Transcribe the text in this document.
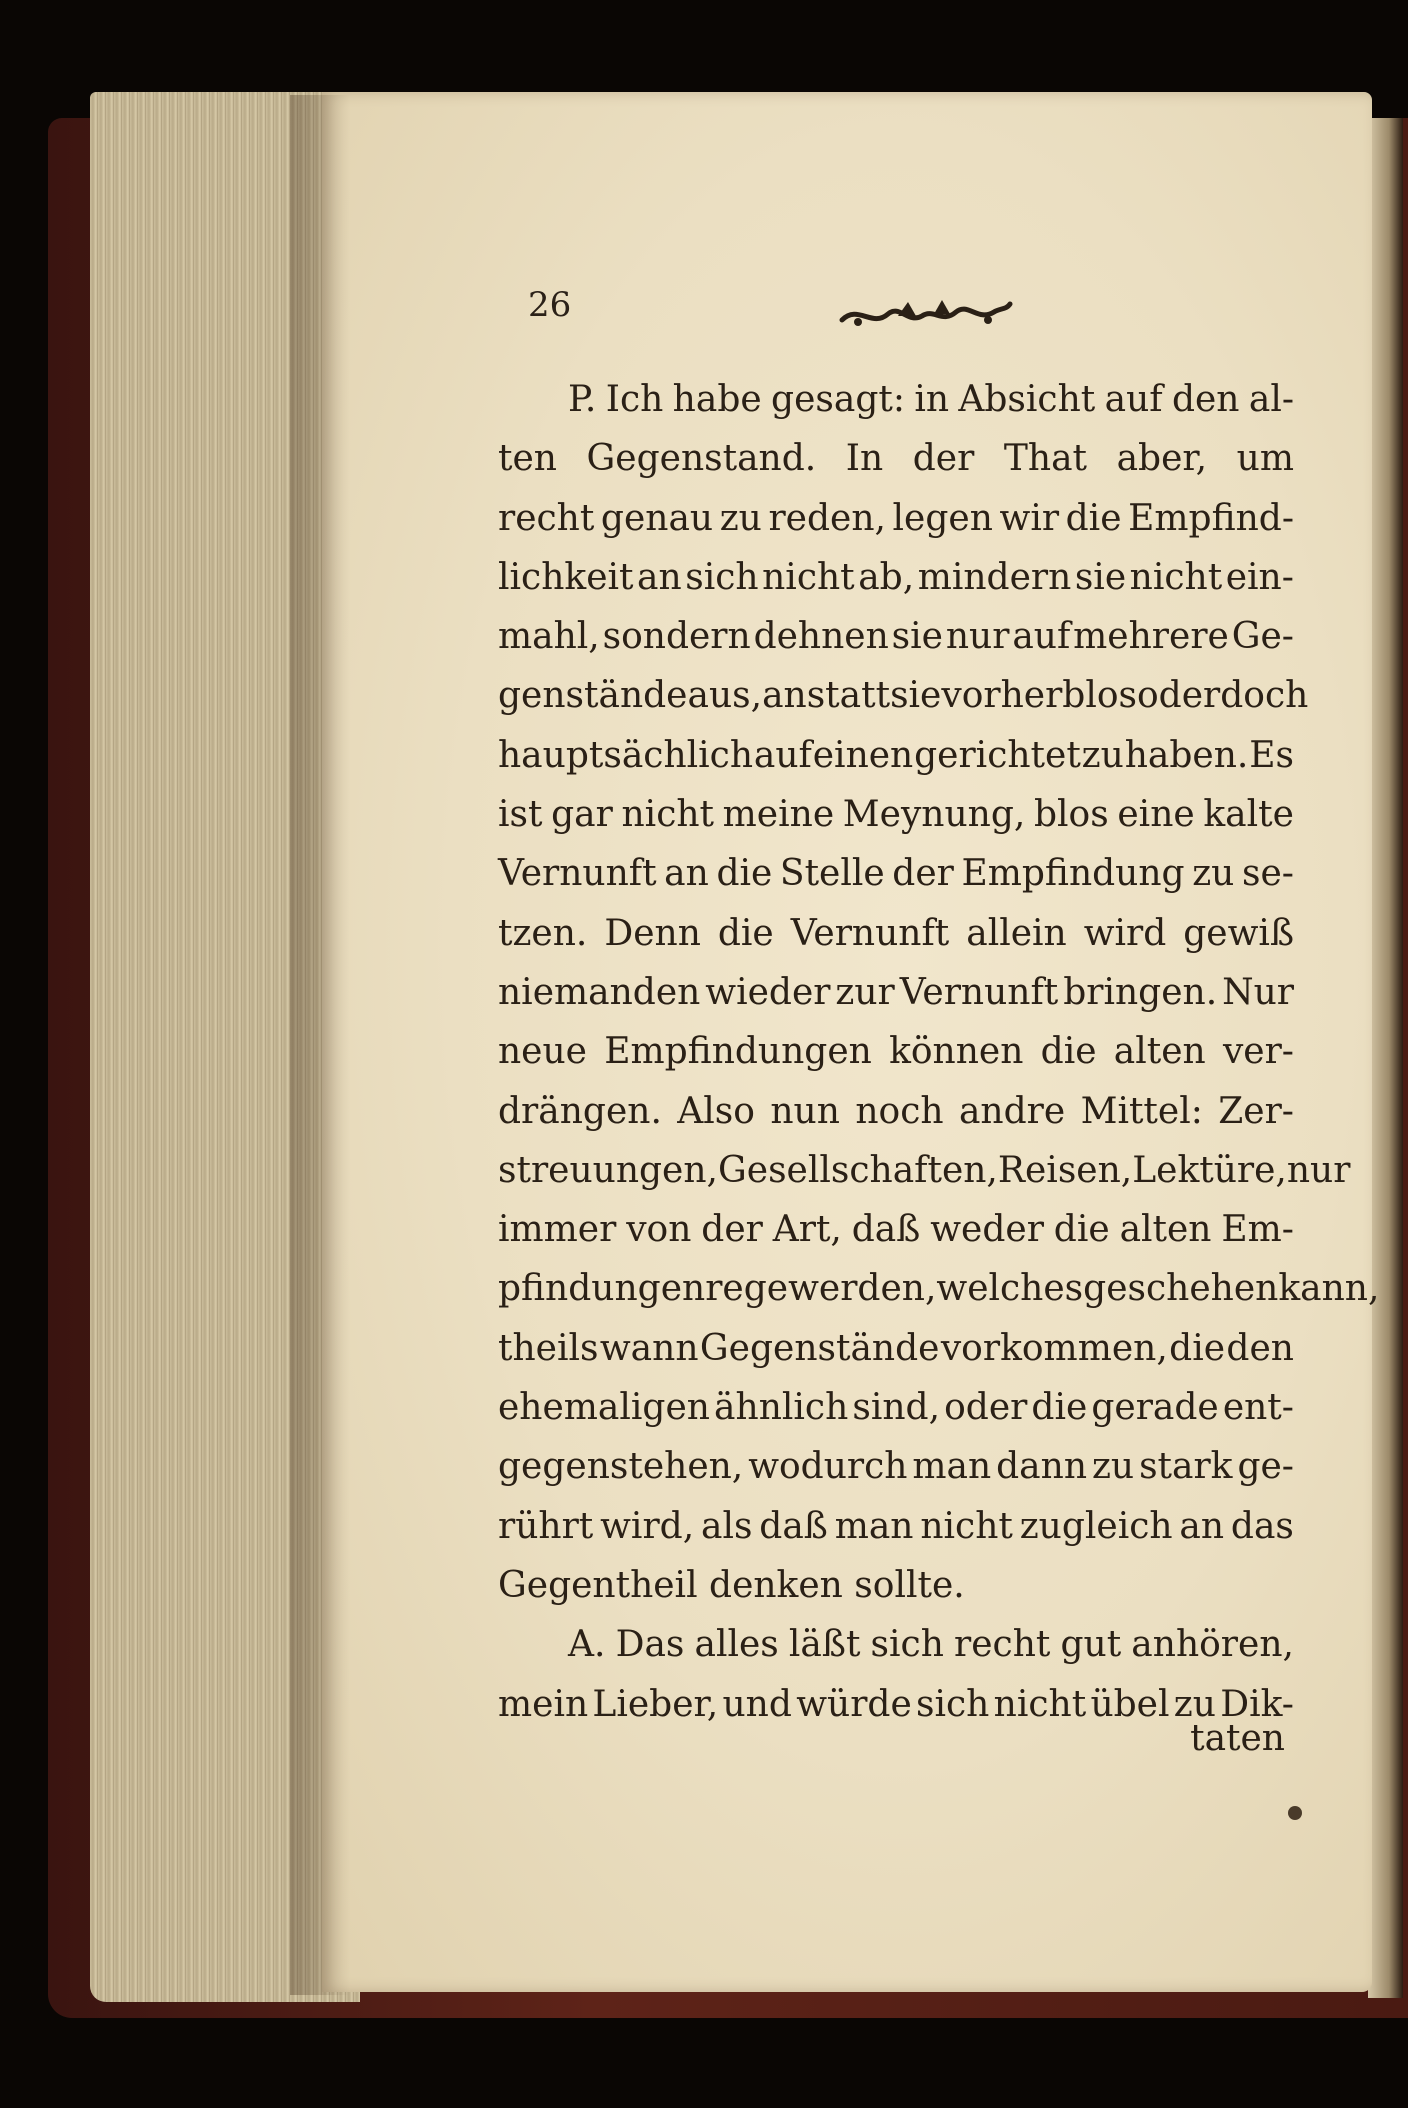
26
P. Ich habe gesagt: in Absicht auf den al-
ten Gegenstand. In der That aber, um
recht genau zu reden, legen wir die Empfind-
lichkeit an sich nicht ab, mindern sie nicht ein-
mahl, sondern dehnen sie nur auf mehrere Ge-
genstände aus, anstatt sie vorher blos oder doch
hauptsächlich auf einen gerichtet zu haben. Es
ist gar nicht meine Meynung, blos eine kalte
Vernunft an die Stelle der Empfindung zu se-
tzen. Denn die Vernunft allein wird gewiß
niemanden wieder zur Vernunft bringen. Nur
neue Empfindungen können die alten ver-
drängen. Also nun noch andre Mittel: Zer-
streuungen, Gesellschaften, Reisen, Lektüre, nur
immer von der Art, daß weder die alten Em-
pfindungen rege werden, welches geschehen kann,
theils wann Gegenstände vorkommen, die den
ehemaligen ähnlich sind, oder die gerade ent-
gegenstehen, wodurch man dann zu stark ge-
rührt wird, als daß man nicht zugleich an das
Gegentheil denken sollte.
A. Das alles läßt sich recht gut anhören,
mein Lieber, und würde sich nicht übel zu Dik-
taten
